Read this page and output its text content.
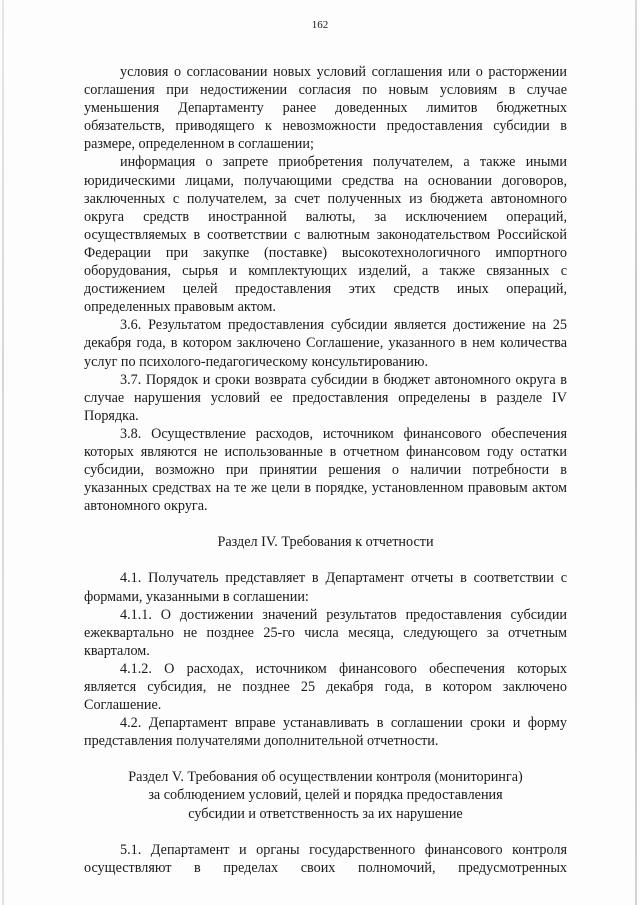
162

условия о согласовании новых условий соглашения или о расторжении соглашения при недостижении согласия по новым условиям в случае уменьшения Департаменту ранее доведенных лимитов бюджетных обязательств, приводящего к невозможности предоставления субсидии в размере, определенном в соглашении;

информация о запрете приобретения получателем, а также иными юридическими лицами, получающими средства на основании договоров, заключенных с получателем, за счет полученных из бюджета автономного округа средств иностранной валюты, за исключением операций, осуществляемых в соответствии с валютным законодательством Российской Федерации при закупке (поставке) высокотехнологичного импортного оборудования, сырья и комплектующих изделий, а также связанных с достижением целей предоставления этих средств иных операций, определенных правовым актом.

3.6. Результатом предоставления субсидии является достижение на 25 декабря года, в котором заключено Соглашение, указанного в нем количества услуг по психолого-педагогическому консультированию.

3.7. Порядок и сроки возврата субсидии в бюджет автономного округа в случае нарушения условий ее предоставления определены в разделе IV Порядка.

3.8. Осуществление расходов, источником финансового обеспечения которых являются не использованные в отчетном финансовом году остатки субсидии, возможно при принятии решения о наличии потребности в указанных средствах на те же цели в порядке, установленном правовым актом автономного округа.

Раздел IV. Требования к отчетности

4.1. Получатель представляет в Департамент отчеты в соответствии с формами, указанными в соглашении:

4.1.1. О достижении значений результатов предоставления субсидии ежеквартально не позднее 25-го числа месяца, следующего за отчетным кварталом.

4.1.2. О расходах, источником финансового обеспечения которых является субсидия, не позднее 25 декабря года, в котором заключено Соглашение.

4.2. Департамент вправе устанавливать в соглашении сроки и форму представления получателями дополнительной отчетности.

Раздел V. Требования об осуществлении контроля (мониторинга)
за соблюдением условий, целей и порядка предоставления
субсидии и ответственность за их нарушение

5.1. Департамент и органы государственного финансового контроля осуществляют в пределах своих полномочий, предусмотренных
